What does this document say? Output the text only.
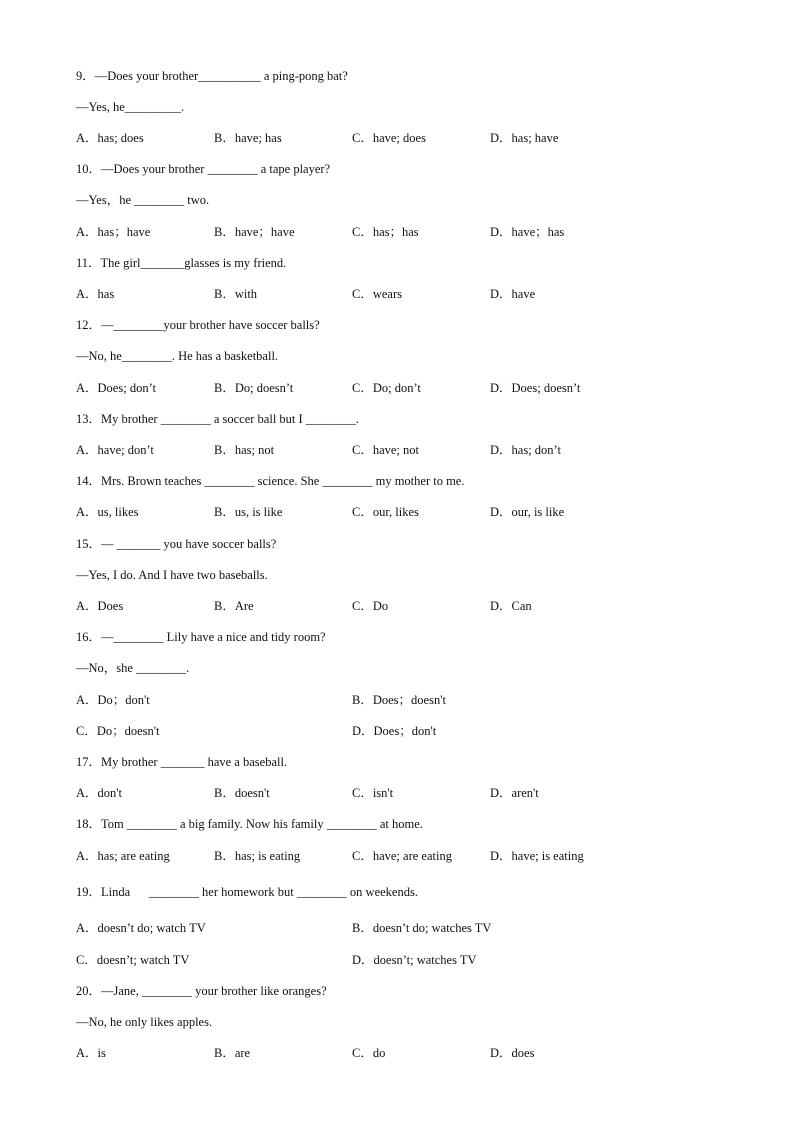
9．—Does your brother__________ a ping-pong bat?
—Yes, he_________.
A．has; does	B．have; has	C．have; does	D．has; have
10．—Does your brother ________ a tape player?
—Yes，he ________ two.
A．has；have	B．have；have	C．has；has	D．have；has
11．The girl_______glasses is my friend.
A．has	B．with	C．wears	D．have
12．—________your brother have soccer balls?
—No, he________. He has a basketball.
A．Does; don’t	B．Do; doesn’t	C．Do; don’t	D．Does; doesn’t
13．My brother ________ a soccer ball but I ________.
A．have; don’t	B．has; not	C．have; not	D．has; don’t
14．Mrs. Brown teaches ________ science. She ________ my mother to me.
A．us, likes	B．us, is like	C．our, likes	D．our, is like
15．— _______ you have soccer balls?
—Yes, I do. And I have two baseballs.
A．Does	B．Are	C．Do	D．Can
16．—________ Lily have a nice and tidy room?
—No，she ________.
A．Do；don't	B．Does；doesn't
C．Do；doesn't	D．Does；don't
17．My brother _______ have a baseball.
A．don't	B．doesn't	C．isn't	D．aren't
18．Tom ________ a big family. Now his family ________ at home.
A．has; are eating	B．has; is eating	C．have; are eating	D．have; is eating
19．Linda      ________ her homework but ________ on weekends.
A．doesn’t do; watch TV	B．doesn’t do; watches TV
C．doesn’t; watch TV	D．doesn’t; watches TV
20．—Jane, ________ your brother like oranges?
—No, he only likes apples.
A．is	B．are	C．do	D．does
